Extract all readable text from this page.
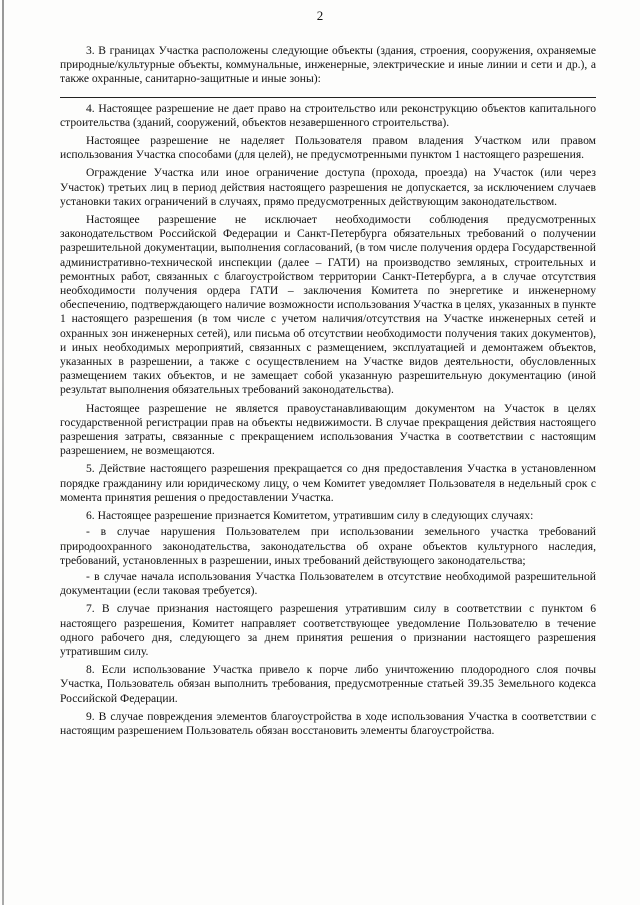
2

3. В границах Участка расположены следующие объекты (здания, строения, сооружения, охраняемые природные/культурные объекты, коммунальные, инженерные, электрические и иные линии и сети и др.), а также охранные, санитарно-защитные и иные зоны):

4. Настоящее разрешение не дает право на строительство или реконструкцию объектов капитального строительства (зданий, сооружений, объектов незавершенного строительства).

Настоящее разрешение не наделяет Пользователя правом владения Участком или правом использования Участка способами (для целей), не предусмотренными пунктом 1 настоящего разрешения.

Ограждение Участка или иное ограничение доступа (прохода, проезда) на Участок (или через Участок) третьих лиц в период действия настоящего разрешения не допускается, за исключением случаев установки таких ограничений в случаях, прямо предусмотренных действующим законодательством.

Настоящее разрешение не исключает необходимости соблюдения предусмотренных законодательством Российской Федерации и Санкт-Петербурга обязательных требований о получении разрешительной документации, выполнения согласований, (в том числе получения ордера Государственной административно-технической инспекции (далее – ГАТИ) на производство земляных, строительных и ремонтных работ, связанных с благоустройством территории Санкт-Петербурга, а в случае отсутствия необходимости получения ордера ГАТИ – заключения Комитета по энергетике и инженерному обеспечению, подтверждающего наличие возможности использования Участка в целях, указанных в пункте 1 настоящего разрешения (в том числе с учетом наличия/отсутствия на Участке инженерных сетей и охранных зон инженерных сетей), или письма об отсутствии необходимости получения таких документов), и иных необходимых мероприятий, связанных с размещением, эксплуатацией и демонтажем объектов, указанных в разрешении, а также с осуществлением на Участке видов деятельности, обусловленных размещением таких объектов, и не замещает собой указанную разрешительную документацию (иной результат выполнения обязательных требований законодательства).

Настоящее разрешение не является правоустанавливающим документом на Участок в целях государственной регистрации прав на объекты недвижимости. В случае прекращения действия настоящего разрешения затраты, связанные с прекращением использования Участка в соответствии с настоящим разрешением, не возмещаются.

5. Действие настоящего разрешения прекращается со дня предоставления Участка в установленном порядке гражданину или юридическому лицу, о чем Комитет уведомляет Пользователя в недельный срок с момента принятия решения о предоставлении Участка.

6. Настоящее разрешение признается Комитетом, утратившим силу в следующих случаях:

- в случае нарушения Пользователем при использовании земельного участка требований природоохранного законодательства, законодательства об охране объектов культурного наследия, требований, установленных в разрешении, иных требований действующего законодательства;

- в случае начала использования Участка Пользователем в отсутствие необходимой разрешительной документации (если таковая требуется).

7. В случае признания настоящего разрешения утратившим силу в соответствии с пунктом 6 настоящего разрешения, Комитет направляет соответствующее уведомление Пользователю в течение одного рабочего дня, следующего за днем принятия решения о признании настоящего разрешения утратившим силу.

8. Если использование Участка привело к порче либо уничтожению плодородного слоя почвы Участка, Пользователь обязан выполнить требования, предусмотренные статьей 39.35 Земельного кодекса Российской Федерации.

9. В случае повреждения элементов благоустройства в ходе использования Участка в соответствии с настоящим разрешением Пользователь обязан восстановить элементы благоустройства.
